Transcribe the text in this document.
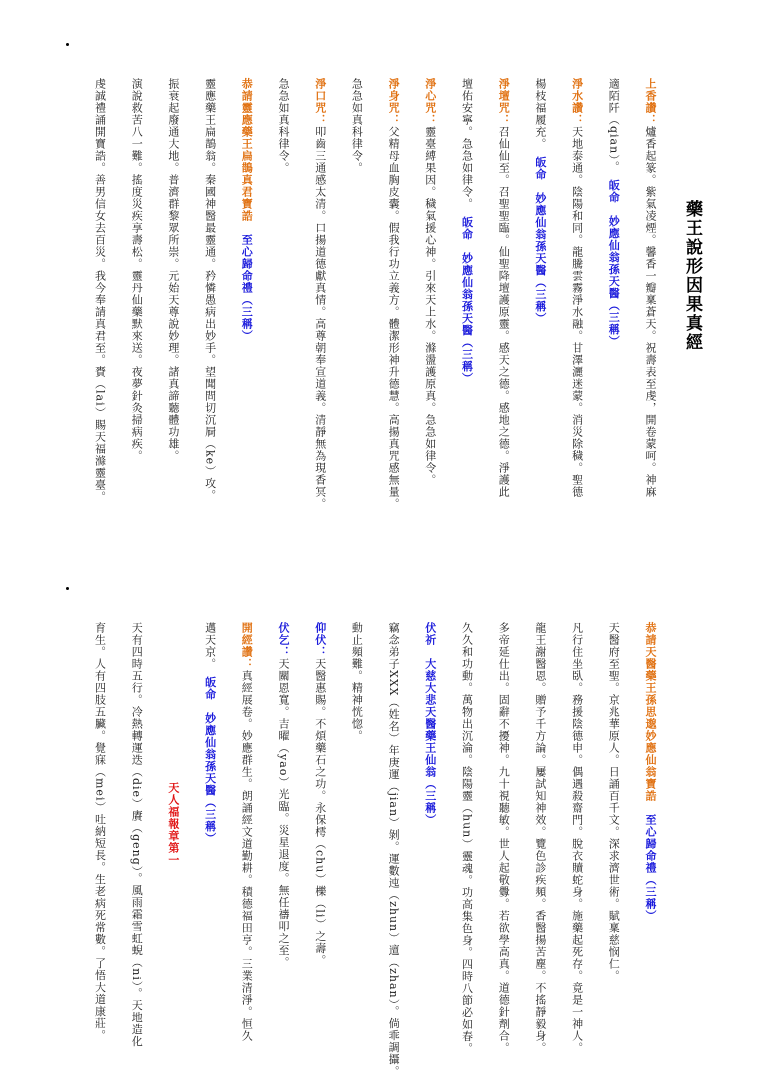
藥王說形因果真經
上香讚：爐香起篆。紫氣凌煙。馨香一瓣稟蒼天。祝壽表至虔，開卷蒙呵。神麻
適陌阡（qian）。　皈命　妙應仙翁孫天醫（三稱）
淨水讚：天地泰通。陰陽和同。龍騰雲霧淨水融。甘澤灑迷蒙。消災除穢。聖德
楊枝福履充。　皈命　妙應仙翁孫天醫（三稱）
淨壇咒：召仙仙至。召聖聖臨。仙聖降壇護原靈。感天之德。感地之德。淨護此
壇佑安寧。急急如律令。　皈命　妙應仙翁孫天醫（三稱）
淨心咒：靈臺縛果因。穢氣援心神。引來天上水。滌盪護原真。急急如律令。
淨身咒：父精母血胸皮囊。假我行功立義方。體潔形神升德慧。高揚真咒感無量。
急急如真科律令。
淨口咒：叩齒三通感太清。口揚道德獻真情。高尊朝奉宣道義。清靜無為現香冥。
急急如真科律令。
恭請靈應藥王扁鵲真君寶誥　至心歸命禮（三稱）
靈應藥王扁鵲翁。秦國神醫最靈通。矜憐愚病出妙手。望聞問切沉屙（ke）攻。
振衰起廢通大地。普濟群黎眾所崇。元始天尊說妙理。諸真諦聽體功雄。
演說救苦八一難。搖度災疾享壽松。靈丹仙藥默來送。夜夢針灸掃病疾。
虔誠禮誦開寶誥。善男信女去百災。我今奉請真君至。賚（lai）賜天福滌靈臺。
恭請天醫藥王孫思邈妙應仙翁寶誥　至心歸命禮（三稱）
天醫府至聖。京兆華原人。日誦百千文。深求濟世術。賦稟慈悯仁。
凡行住坐臥。務援陰德申。偶遇殺齋門。脫衣贖蛇身。施藥起死存。竟是一神人。
龍王謝醫恩。贈予千方論。屢試知神效。覽色診疾頻。香醫揚苦塵。不搖靜毅身。
多帝延仕出。固辭不擾神。九十視聽敏。世人起敬釁。若欲學高真。道德針劑合。
久久和功動。萬物出沉淪。陰陽靈（hun）靈魂。功高集色身。四時八節必如春。
伏祈　大慈大悲天醫藥王仙翁（三稱）
竊念弟子XXX（姓名）年庚運（jian）剝。運數迍（zhun）邅（zhan）。倘乖調攝。
動止頻難。精神恍惚。
仰伏：天醫惠賜。不煩藥石之功。永保樗（chu）櫟（li）之壽。
伏乞：天關恩寬。吉曜（yao）光臨。災星退度。無任禱叩之至。
開經讚：真經展卷。妙應群生。朗誦經文道勤耕。積德福田亨。三業清淨。恒久
邁天京。　皈命　妙應仙翁孫天醫（三稱）
天人福報章第一
天有四時五行。冷熱轉運迭（die）賡（geng）。風雨霜雪虹蜺（ni）。天地造化
育生。人有四肢五臟。覺寐（mei）吐納短長。生老病死常數。了悟大道康莊。
